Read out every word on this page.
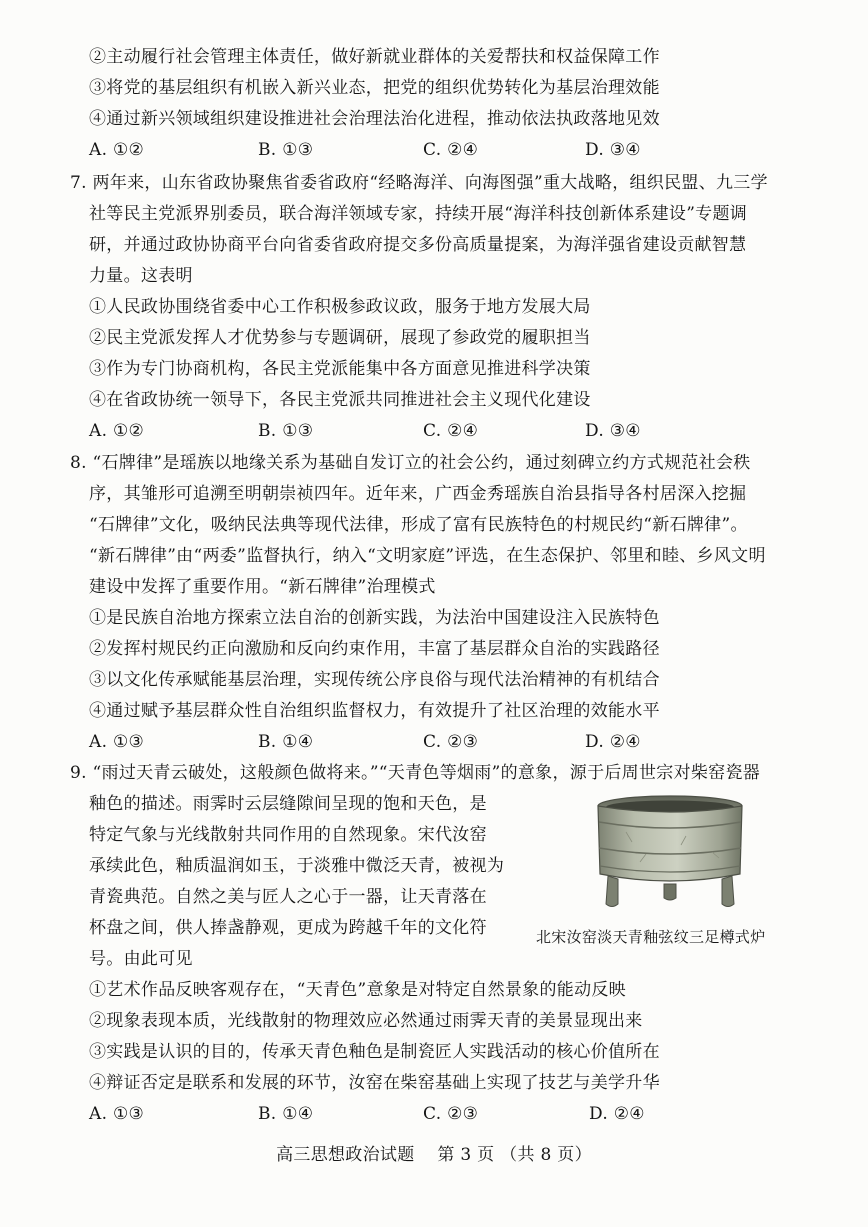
②主动履行社会管理主体责任，做好新就业群体的关爱帮扶和权益保障工作
③将党的基层组织有机嵌入新兴业态，把党的组织优势转化为基层治理效能
④通过新兴领域组织建设推进社会治理法治化进程，推动依法执政落地见效
A. ①②	B. ①③	C. ②④	D. ③④
7. 两年来，山东省政协聚焦省委省政府“经略海洋、向海图强”重大战略，组织民盟、九三学
社等民主党派界别委员，联合海洋领域专家，持续开展“海洋科技创新体系建设”专题调
研，并通过政协协商平台向省委省政府提交多份高质量提案，为海洋强省建设贡献智慧
力量。这表明
①人民政协围绕省委中心工作积极参政议政，服务于地方发展大局
②民主党派发挥人才优势参与专题调研，展现了参政党的履职担当
③作为专门协商机构，各民主党派能集中各方面意见推进科学决策
④在省政协统一领导下，各民主党派共同推进社会主义现代化建设
A. ①②	B. ①③	C. ②④	D. ③④
8. “石牌律”是瑶族以地缘关系为基础自发订立的社会公约，通过刻碑立约方式规范社会秩
序，其雏形可追溯至明朝崇祯四年。近年来，广西金秀瑶族自治县指导各村居深入挖掘
“石牌律”文化，吸纳民法典等现代法律，形成了富有民族特色的村规民约“新石牌律”。
“新石牌律”由“两委”监督执行，纳入“文明家庭”评选，在生态保护、邻里和睦、乡风文明
建设中发挥了重要作用。“新石牌律”治理模式
①是民族自治地方探索立法自治的创新实践，为法治中国建设注入民族特色
②发挥村规民约正向激励和反向约束作用，丰富了基层群众自治的实践路径
③以文化传承赋能基层治理，实现传统公序良俗与现代法治精神的有机结合
④通过赋予基层群众性自治组织监督权力，有效提升了社区治理的效能水平
A. ①③	B. ①④	C. ②③	D. ②④
9. “雨过天青云破处，这般颜色做将来。”“天青色等烟雨”的意象，源于后周世宗对柴窑瓷器
釉色的描述。雨霁时云层缝隙间呈现的饱和天色，是
特定气象与光线散射共同作用的自然现象。宋代汝窑
承续此色，釉质温润如玉，于淡雅中微泛天青，被视为
青瓷典范。自然之美与匠人之心于一器，让天青落在
杯盘之间，供人捧盏静观，更成为跨越千年的文化符
号。由此可见
北宋汝窑淡天青釉弦纹三足樽式炉
①艺术作品反映客观存在，“天青色”意象是对特定自然景象的能动反映
②现象表现本质，光线散射的物理效应必然通过雨霁天青的美景显现出来
③实践是认识的目的，传承天青色釉色是制瓷匠人实践活动的核心价值所在
④辩证否定是联系和发展的环节，汝窑在柴窑基础上实现了技艺与美学升华
A. ①③	B. ①④	C. ②③	D. ②④
高三思想政治试题    第 3 页 （共 8 页）
